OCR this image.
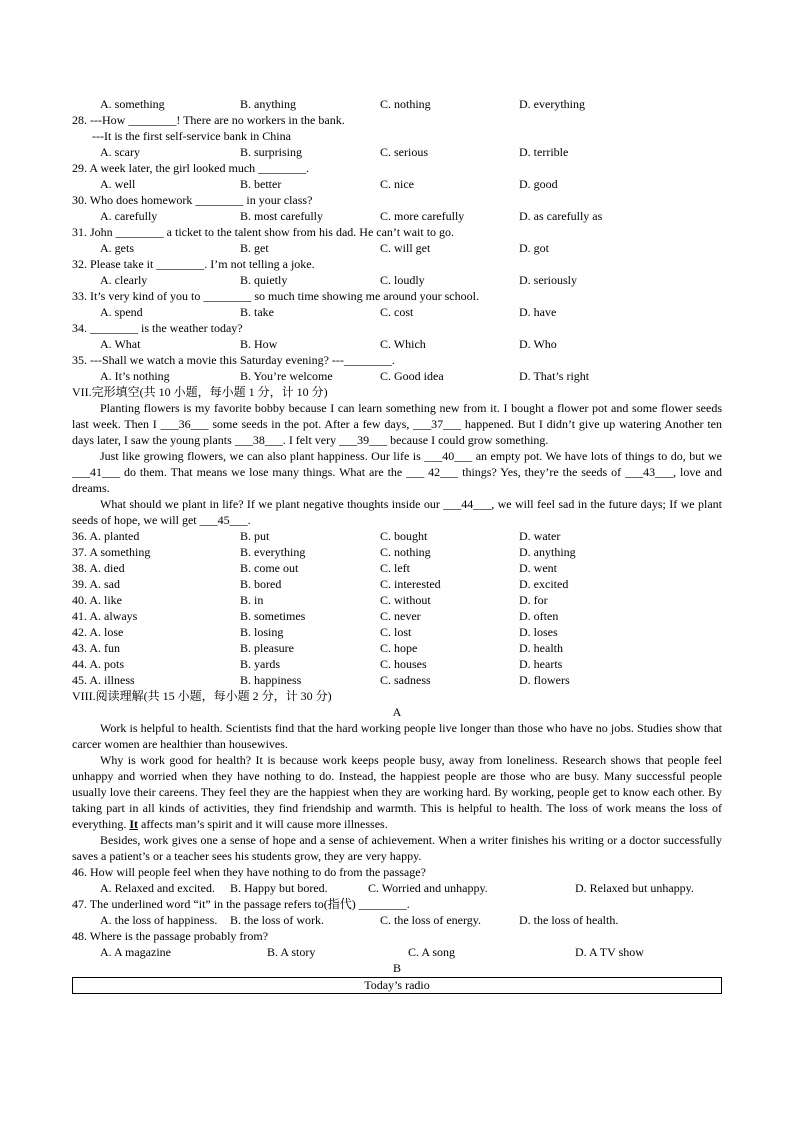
A. something	B. anything	C. nothing	D. everything
28. ---How ________! There are no workers in the bank.
---It is the first self-service bank in China
A. scary	B. surprising	C. serious	D. terrible
29. A week later, the girl looked much ________.
A. well	B. better	C. nice	D. good
30. Who does homework ________ in your class?
A. carefully	B. most carefully	C. more carefully	D. as carefully as
31. John ________ a ticket to the talent show from his dad. He can’t wait to go.
A. gets	B. get	C. will get	D. got
32. Please take it ________. I’m not telling a joke.
A. clearly	B. quietly	C. loudly	D. seriously
33. It’s very kind of you to ________ so much time showing me around your school.
A. spend	B. take	C. cost	D. have
34. ________ is the weather today?
A. What	B. How	C. Which	D. Who
35. ---Shall we watch a movie this Saturday evening? ---________.
A. It’s nothing	B. You’re welcome	C. Good idea	D. That’s right
VII.完形填空(共 10 小题，每小题 1 分，计 10 分)
Planting flowers is my favorite bobby because I can learn something new from it. I bought a flower pot and some flower seeds last week. Then I ___36___ some seeds in the pot. After a few days, ___37___ happened. But I didn’t give up watering Another ten days later, I saw the young plants ___38___. I felt very ___39___ because I could grow something.
Just like growing flowers, we can also plant happiness. Our life is ___40___ an empty pot. We have lots of things to do, but we ___41___ do them. That means we lose many things. What are the ___ 42___ things? Yes, they’re the seeds of ___43___, love and dreams.
What should we plant in life? If we plant negative thoughts inside our ___44___, we will feel sad in the future days; If we plant seeds of hope, we will get ___45___.
36. A. planted	B. put	C. bought	D. water
37. A something	B. everything	C. nothing	D. anything
38. A. died	B. come out	C. left	D. went
39. A. sad	B. bored	C. interested	D. excited
40. A. like	B. in	C. without	D. for
41. A. always	B. sometimes	C. never	D. often
42. A. lose	B. losing	C. lost	D. loses
43. A. fun	B. pleasure	C. hope	D. health
44. A. pots	B. yards	C. houses	D. hearts
45. A. illness	B. happiness	C. sadness	D. flowers
VIII.阅读理解(共 15 小题，每小题 2 分，计 30 分)
A
Work is helpful to health. Scientists find that the hard working people live longer than those who have no jobs. Studies show that carcer women are healthier than housewives.
Why is work good for health? It is because work keeps people busy, away from loneliness. Research shows that people feel unhappy and worried when they have nothing to do. Instead, the happiest people are those who are busy. Many successful people usually love their careens. They feel they are the happiest when they are working hard. By working, people get to know each other. By taking part in all kinds of activities, they find friendship and warmth. This is helpful to health. The loss of work means the loss of everything. It affects man’s spirit and it will cause more illnesses.
Besides, work gives one a sense of hope and a sense of achievement. When a writer finishes his writing or a doctor successfully saves a patient’s or a teacher sees his students grow, they are very happy.
46. How will people feel when they have nothing to do from the passage?
A. Relaxed and excited. B. Happy but bored.	C. Worried and unhappy.	D. Relaxed but unhappy.
47. The underlined word “it” in the passage refers to(指代) ________.
A. the loss of happiness. B. the loss of work.	C. the loss of energy.	D. the loss of health.
48. Where is the passage probably from?
A. A magazine	B. A story	C. A song	D. A TV show
B
Today’s radio
